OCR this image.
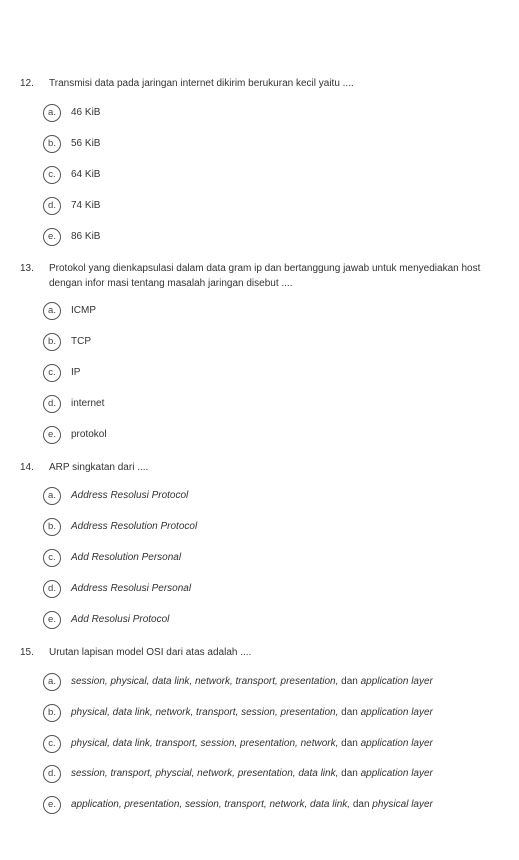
12. Transmisi data pada jaringan internet dikirim berukuran kecil yaitu ....
a.	46 KiB
b.	56 KiB
c.	64 KiB
d.	74 KiB
e.	86 KiB
13. Protokol yang dienkapsulasi dalam data gram ip dan bertanggung jawab untuk menyediakan host dengan infor masi tentang masalah jaringan disebut ....
a.	ICMP
b.	TCP
c.	IP
d.	internet
e.	protokol
14. ARP singkatan dari ....
a.	Address Resolusi Protocol
b.	Address Resolution Protocol
c.	Add Resolution Personal
d.	Address Resolusi Personal
e.	Add Resolusi Protocol
15. Urutan lapisan model OSI dari atas adalah ....
a.	session, physical, data link, network, transport, presentation, dan application layer
b.	physical, data link, network, transport, session, presentation, dan application layer
c.	physical, data link, transport, session, presentation, network, dan application layer
d.	session, transport, physcial, network, presentation, data link, dan application layer
e.	application, presentation, session, transport, network, data link, dan physical layer
